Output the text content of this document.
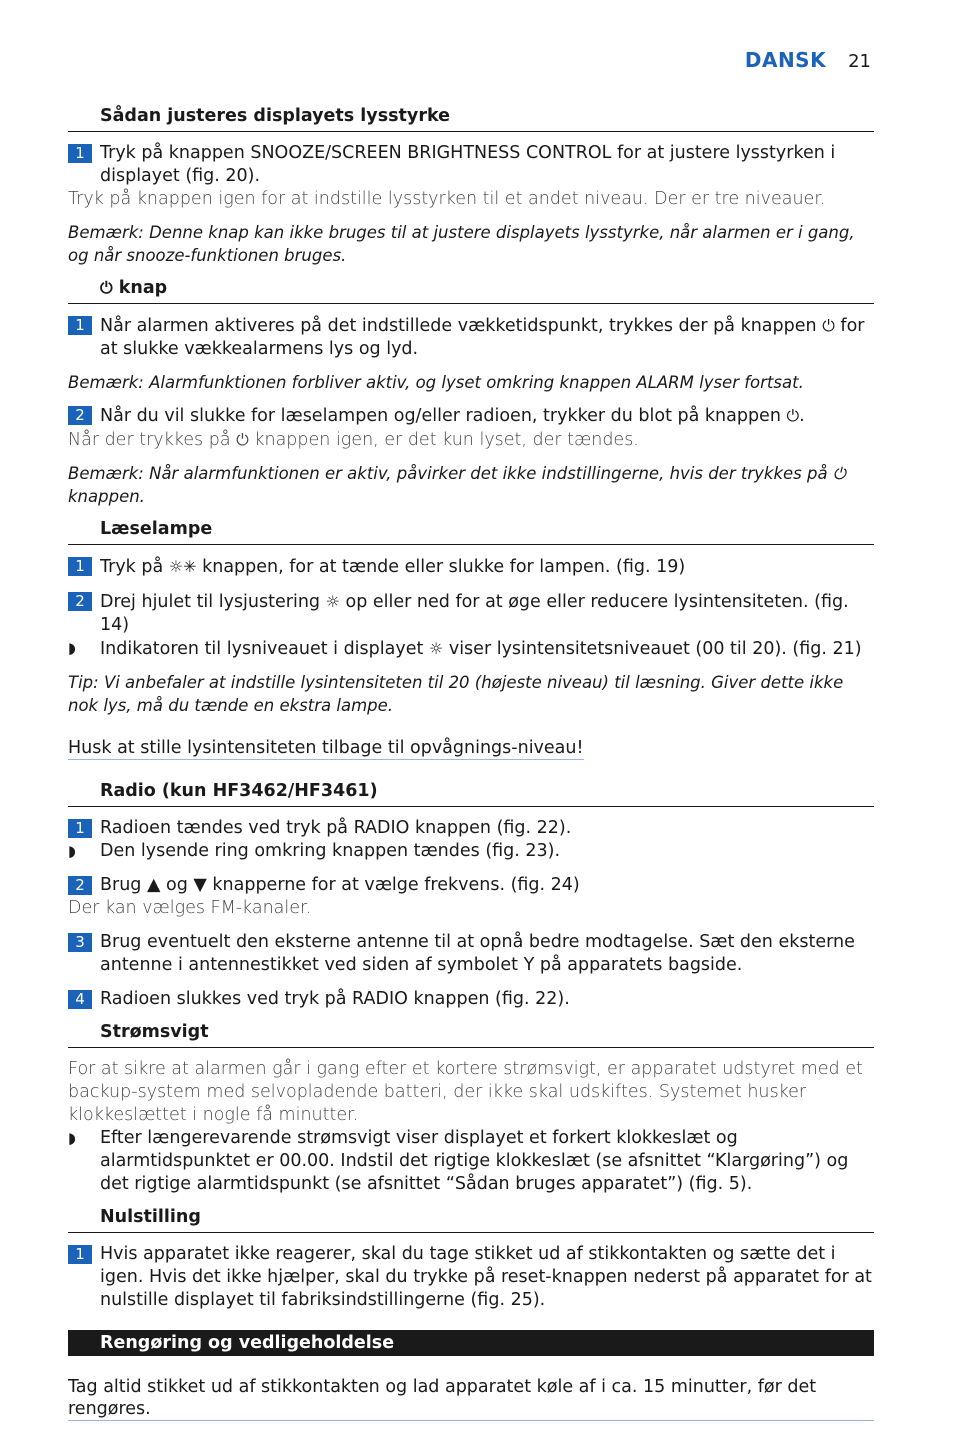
DANSK 21
Sådan justeres displayets lysstyrke
1 Tryk på knappen SNOOZE/SCREEN BRIGHTNESS CONTROL for at justere lysstyrken i displayet (fig. 20).
Tryk på knappen igen for at indstille lysstyrken til et andet niveau. Der er tre niveauer.
Bemærk: Denne knap kan ikke bruges til at justere displayets lysstyrke, når alarmen er i gang, og når snooze-funktionen bruges.
⏻ knap
1 Når alarmen aktiveres på det indstillede vækketidspunkt, trykkes der på knappen ⏻ for at slukke vækkealarmens lys og lyd.
Bemærk: Alarmfunktionen forbliver aktiv, og lyset omkring knappen ALARM lyser fortsat.
2 Når du vil slukke for læselampen og/eller radioen, trykker du blot på knappen ⏻.
Når der trykkes på ⏻ knappen igen, er det kun lyset, der tændes.
Bemærk: Når alarmfunktionen er aktiv, påvirker det ikke indstillingerne, hvis der trykkes på ⏻ knappen.
Læselampe
1 Tryk på ☼✳ knappen, for at tænde eller slukke for lampen. (fig. 19)
2 Drej hjulet til lysjustering ☼ op eller ned for at øge eller reducere lysintensiteten. (fig. 14)
◗ Indikatoren til lysniveauet i displayet ☼ viser lysintensitetsniveauet (00 til 20). (fig. 21)
Tip: Vi anbefaler at indstille lysintensiteten til 20 (højeste niveau) til læsning. Giver dette ikke nok lys, må du tænde en ekstra lampe.
Husk at stille lysintensiteten tilbage til opvågnings-niveau!
Radio (kun HF3462/HF3461)
1 Radioen tændes ved tryk på RADIO knappen (fig. 22).
◗ Den lysende ring omkring knappen tændes (fig. 23).
2 Brug ▲ og ▼ knapperne for at vælge frekvens. (fig. 24)
Der kan vælges FM-kanaler.
3 Brug eventuelt den eksterne antenne til at opnå bedre modtagelse. Sæt den eksterne antenne i antennestikket ved siden af symbolet Y på apparatets bagside.
4 Radioen slukkes ved tryk på RADIO knappen (fig. 22).
Strømsvigt
For at sikre at alarmen går i gang efter et kortere strømsvigt, er apparatet udstyret med et backup-system med selvopladende batteri, der ikke skal udskiftes. Systemet husker klokkeslættet i nogle få minutter.
◗ Efter længerevarende strømsvigt viser displayet et forkert klokkeslæt og alarmtidspunktet er 00.00. Indstil det rigtige klokkeslæt (se afsnittet “Klargøring”) og det rigtige alarmtidspunkt (se afsnittet “Sådan bruges apparatet”) (fig. 5).
Nulstilling
1 Hvis apparatet ikke reagerer, skal du tage stikket ud af stikkontakten og sætte det i igen. Hvis det ikke hjælper, skal du trykke på reset-knappen nederst på apparatet for at nulstille displayet til fabriksindstillingerne (fig. 25).
Rengøring og vedligeholdelse
Tag altid stikket ud af stikkontakten og lad apparatet køle af i ca. 15 minutter, før det rengøres.
